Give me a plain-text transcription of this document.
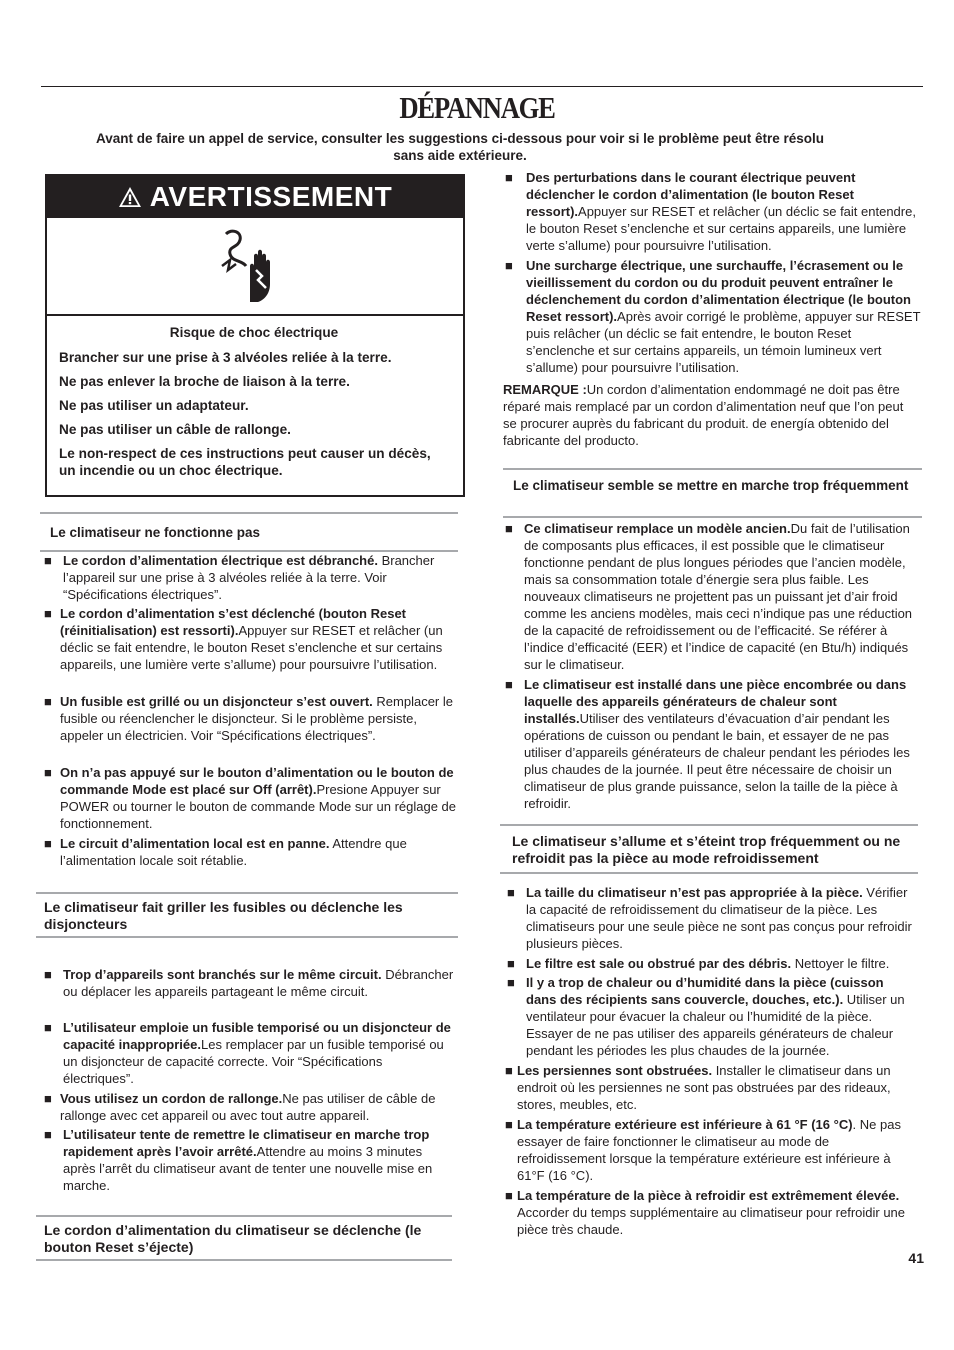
DÉPANNAGE
Avant de faire un appel de service, consulter les suggestions ci-dessous pour voir si le problème peut être résolu sans aide extérieure.
AVERTISSEMENT
Risque de choc électrique

Brancher sur une prise à 3 alvéoles reliée à la terre.

Ne pas enlever la broche de liaison à la terre.

Ne pas utiliser un adaptateur.

Ne pas utiliser un câble de rallonge.

Le non-respect de ces instructions peut causer un décès, un incendie ou un choc électrique.

Le climatiseur ne fonctionne pas
■ Le cordon d’alimentation électrique est débranché. Brancher l’appareil sur une prise à 3 alvéoles reliée à la terre. Voir “Spécifications électriques”.
■ Le cordon d’alimentation s’est déclenché (bouton Reset (réinitialisation) est ressorti).Appuyer sur RESET et relâcher (un déclic se fait entendre, le bouton Reset s’enclenche et sur certains appareils, une lumière verte s’allume) pour poursuivre l’utilisation.
■ Un fusible est grillé ou un disjoncteur s’est ouvert. Remplacer le fusible ou réenclencher le disjoncteur. Si le problème persiste, appeler un électricien. Voir “Spécifications électriques”.
■ On n’a pas appuyé sur le bouton d’alimentation ou le bouton de commande Mode est placé sur Off (arrêt).Presione Appuyer sur POWER ou tourner le bouton de commande Mode sur un réglage de fonctionnement.
■ Le circuit d’alimentation local est en panne. Attendre que l’alimentation locale soit rétablie.
Le climatiseur fait griller les fusibles ou déclenche les disjoncteurs
■ Trop d’appareils sont branchés sur le même circuit. Débrancher ou déplacer les appareils partageant le même circuit.
■ L’utilisateur emploie un fusible temporisé ou un disjoncteur de capacité inappropriée.Les remplacer par un fusible temporisé ou un disjoncteur de capacité correcte. Voir “Spécifications électriques”.
■ Vous utilisez un cordon de rallonge.Ne pas utiliser de câble de rallonge avec cet appareil ou avec tout autre appareil.
■ L’utilisateur tente de remettre le climatiseur en marche trop rapidement après l’avoir arrêté.Attendre au moins 3 minutes après l’arrêt du climatiseur avant de tenter une nouvelle mise en marche.
Le cordon d’alimentation du climatiseur se déclenche (le bouton Reset s’éjecte)
■	Des perturbations dans le courant électrique peuvent déclencher le cordon d’alimentation (le bouton Reset ressort).Appuyer sur RESET et relâcher (un déclic se fait entendre, le bouton Reset s’enclenche et sur certains appareils, une lumière verte s’allume) pour poursuivre l’utilisation.
■	Une surcharge électrique, une surchauffe, l’écrasement ou le vieillissement du cordon ou du produit peuvent entraîner le déclenchement du cordon d’alimentation électrique (le bouton Reset ressort).Après avoir corrigé le problème, appuyer sur RESET puis relâcher (un déclic se fait entendre, le bouton Reset s’enclenche et sur certains appareils, un témoin lumineux vert s’allume) pour poursuivre l’utilisation.
REMARQUE :Un cordon d’alimentation endommagé ne doit pas être réparé mais remplacé par un cordon d’alimentation neuf que l’on peut se procurer auprès du fabricant du produit. de energía obtenido del fabricante del producto.
Le climatiseur semble se mettre en marche trop fréquemment
■ Ce climatiseur remplace un modèle ancien.Du fait de l’utilisation de composants plus efficaces, il est possible que le climatiseur fonctionne pendant de plus longues périodes que l’ancien modèle, mais sa consommation totale d’énergie sera plus faible. Les nouveaux climatiseurs ne projettent pas un puissant jet d’air froid comme les anciens modèles, mais ceci n’indique pas une réduction de la capacité de refroidissement ou de l’efficacité. Se référer à l’indice d’efficacité (EER) et l’indice de capacité (en Btu/h) indiqués sur le climatiseur.
■ Le climatiseur est installé dans une pièce encombrée ou dans laquelle des appareils générateurs de chaleur sont installés.Utiliser des ventilateurs d’évacuation d’air pendant les opérations de cuisson ou pendant le bain, et essayer de ne pas utiliser d’appareils générateurs de chaleur pendant les périodes les plus chaudes de la journée. Il peut être nécessaire de choisir un climatiseur de plus grande puissance, selon la taille de la pièce à refroidir.
Le climatiseur s’allume et s’éteint trop fréquemment ou ne refroidit pas la pièce au mode refroidissement
■ La taille du climatiseur n’est pas appropriée à la pièce. Vérifier la capacité de refroidissement du climatiseur de la pièce. Les climatiseurs pour une seule pièce ne sont pas conçus pour refroidir plusieurs pièces.
■ Le filtre est sale ou obstrué par des débris. Nettoyer le filtre.
■ Il y a trop de chaleur ou d’humidité dans la pièce (cuisson dans des récipients sans couvercle, douches, etc.). Utiliser un ventilateur pour évacuer la chaleur ou l’humidité de la pièce. Essayer de ne pas utiliser des appareils générateurs de chaleur pendant les périodes les plus chaudes de la journée.
■ Les persiennes sont obstruées. Installer le climatiseur dans un endroit où les persiennes ne sont pas obstruées par des rideaux, stores, meubles, etc.
■ La température extérieure est inférieure à 61 °F (16 °C). Ne pas essayer de faire fonctionner le climatiseur au mode de refroidissement lorsque la température extérieure est inférieure à 61°F (16 °C).
■ La température de la pièce à refroidir est extrêmement élevée. Accorder du temps supplémentaire au climatiseur pour refroidir une pièce très chaude.
41
